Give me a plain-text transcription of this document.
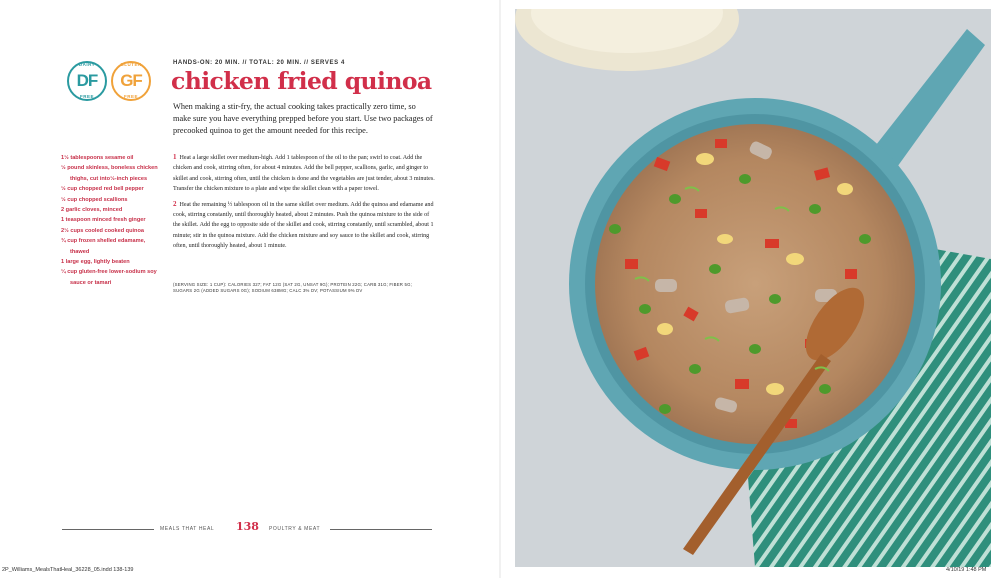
DAIRY
DF
FREE
GLUTEN
GF
FREE
HANDS-ON: 20 MIN. // TOTAL: 20 MIN. // SERVES 4
chicken fried quinoa
When making a stir-fry, the actual cooking takes practically zero time, so make sure you have everything prepped before you start. Use two packages of precooked quinoa to get the amount needed for this recipe.
1½ tablespoons sesame oil
½ pound skinless, boneless chicken thighs, cut into½-inch pieces
½ cup chopped red bell pepper
½ cup chopped scallions
2 garlic cloves, minced
1 teaspoon minced fresh ginger
2½ cups cooled cooked quinoa
¾ cup frozen shelled edamame, thawed
1 large egg, lightly beaten
¼ cup gluten-free lower-sodium soy sauce or tamari

1 Heat a large skillet over medium-high. Add 1 tablespoon of the oil to the pan; swirl to coat. Add the chicken and cook, stirring often, for about 4 minutes. Add the bell pepper, scallions, garlic, and ginger to skillet and cook, stirring often, until the chicken is done and the vegetables are just tender, about 3 minutes. Transfer the chicken mixture to a plate and wipe the skillet clean with a paper towel.

2 Heat the remaining ½ tablespoon oil in the same skillet over medium. Add the quinoa and edamame and cook, stirring constantly, until thoroughly heated, about 2 minutes. Push the quinoa mixture to the side of the skillet. Add the egg to opposite side of the skillet and cook, stirring constantly, until scrambled, about 1 minute; stir in the quinoa mixture. Add the chicken mixture and soy sauce to the skillet and cook, stirring often, until thoroughly heated, about 1 minute.

(SERVING SIZE: 1 CUP): CALORIES 327; FAT 12G (SAT 2G, UNSAT 9G); PROTEIN 22G; CARB 31G; FIBER 5G; SUGARS 2G (ADDED SUGARS 0G); SODIUM 638MG; CALC 3% DV; POTASSIUM 9% DV
MEALS THAT HEAL 138 POULTRY & MEAT
2P_Williams_MealsThatHeal_36228_05.indd 138-139	4/10/19 1:48 PM
